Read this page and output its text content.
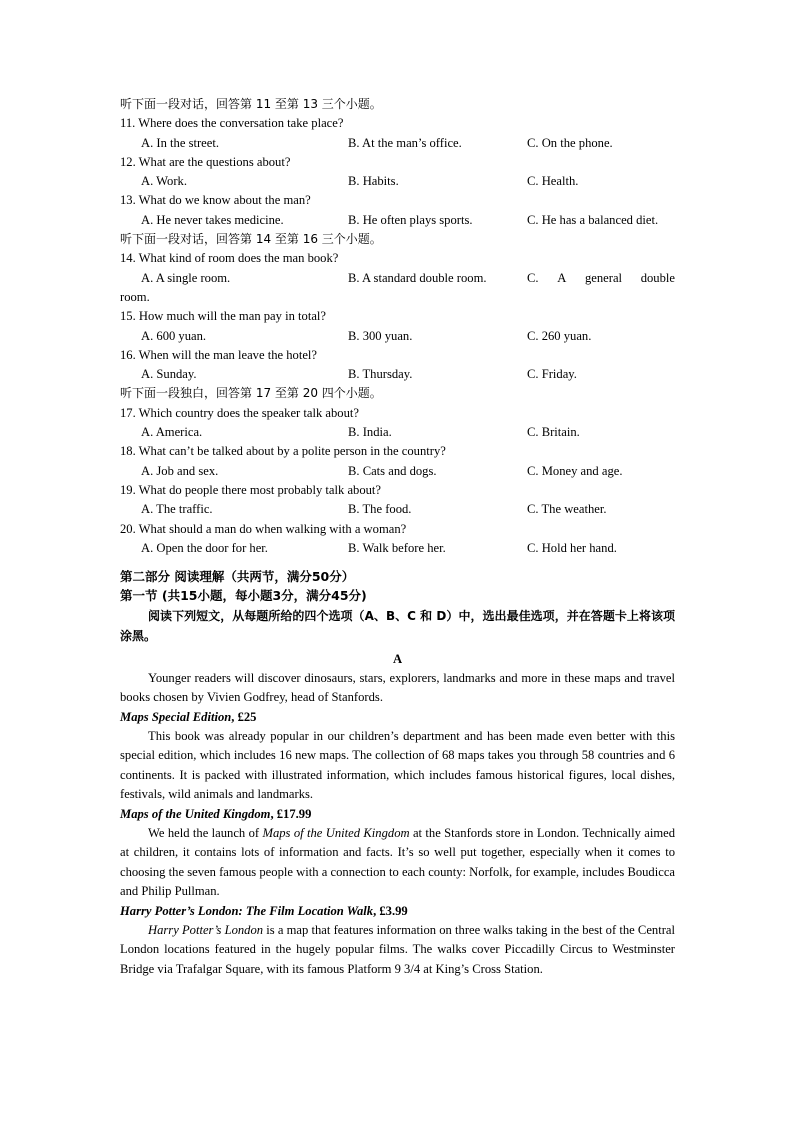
听下面一段对话，回答第 11 至第 13 三个小题。
11. Where does the conversation take place?
A. In the street.	B. At the man’s office.	C. On the phone.
12. What are the questions about?
A. Work.	B. Habits.	C. Health.
13. What do we know about the man?
A. He never takes medicine.	B. He often plays sports.	C. He has a balanced diet.
听下面一段对话，回答第 14 至第 16 三个小题。
14. What kind of room does the man book?
A. A single room.	B. A standard double room.	C. A general double
room.
15. How much will the man pay in total?
A. 600 yuan.	B. 300 yuan.	C. 260 yuan.
16. When will the man leave the hotel?
A. Sunday.	B. Thursday.	C. Friday.
听下面一段独白，回答第 17 至第 20 四个小题。
17. Which country does the speaker talk about?
A. America.	B. India.	C. Britain.
18. What can’t be talked about by a polite person in the country?
A. Job and sex.	B. Cats and dogs.	C. Money and age.
19. What do people there most probably talk about?
A. The traffic.	B. The food.	C. The weather.
20. What should a man do when walking with a woman?
A. Open the door for her.	B. Walk before her.	C. Hold her hand.
第二部分 阅读理解（共两节，满分50分）
第一节 (共15小题，每小题3分，满分45分)
阅读下列短文，从每题所给的四个选项（A、B、C 和 D）中，选出最佳选项，并在答题卡上将该项涂黑。
A
Younger readers will discover dinosaurs, stars, explorers, landmarks and more in these maps and travel books chosen by Vivien Godfrey, head of Stanfords.
Maps Special Edition, £25
This book was already popular in our children’s department and has been made even better with this special edition, which includes 16 new maps. The collection of 68 maps takes you through 58 countries and 6 continents. It is packed with illustrated information, which includes famous historical figures, local dishes, festivals, wild animals and landmarks.
Maps of the United Kingdom, £17.99
We held the launch of Maps of the United Kingdom at the Stanfords store in London. Technically aimed at children, it contains lots of information and facts. It’s so well put together, especially when it comes to choosing the seven famous people with a connection to each county: Norfolk, for example, includes Boudicca and Philip Pullman.
Harry Potter’s London: The Film Location Walk, £3.99
Harry Potter’s London is a map that features information on three walks taking in the best of the Central London locations featured in the hugely popular films. The walks cover Piccadilly Circus to Westminster Bridge via Trafalgar Square, with its famous Platform 9 3/4 at King’s Cross Station.
